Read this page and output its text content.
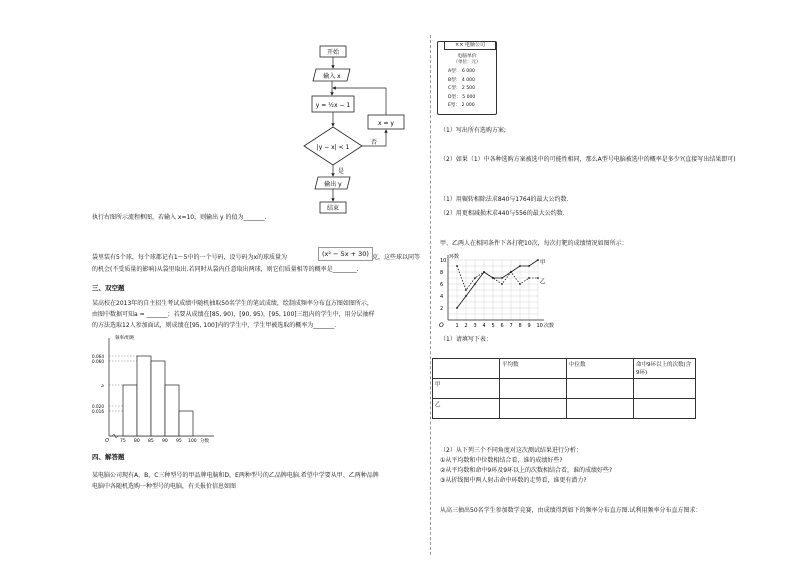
开始
输入 x
y = ½x − 1
|y − x| < 1
否
x = y
是
输出 y
结束
执行右图所示流程框图，若输入 x=10，则输出 y 的值为_______.
袋里装有5个球，每个球都记有1～5中的一个号码，设号码为x的球质量为	(x² − 5x + 30) 克，这些球以同等
的机会(不受质量的影响)从袋里取出.若同时从袋内任意取出两球，则它们质量相等的概率是________.
三、双空题
某高校在2013年的自主招生考试成绩中随机抽取50名学生的笔试成绩，绘制成频率分布直方图如图所示，
由图中数据可知a = _______；若要从成绩在[85, 90)，[90, 95)，[95, 100]三组内的学生中，用分层抽样
的方法选取12人参加面试，则成绩在[95, 100]内的学生中，学生甲被选取的概率为_______.
频率/组距
0.064
0.060
a
0.020
0.016
O 75 80 85 90 95 100 分数
四、解答题
某电脑公司现有A，B，C三种型号的甲品牌电脑和D，E两种型号的乙品牌电脑.希望中学要从甲、乙两种品牌
电脑中各随机选购一种型号的电脑，有关报价信息如图
×× 电脑公司
电脑单价
（单位：元）
A型： 6 000
B型： 4 000
C型： 2 500
D型： 5 000
E型： 2 000
（1）写出所有选购方案;
（2）如果（1）中各种选购方案被选中的可能性相同，那么A型号电脑被选中的概率是多少?(直接写出结果即可)
（1）用辗转相除法求840与1764的最大公约数.
（2）用更相减损术求440与556的最大公约数.
甲、乙两人在相同条件下各打靶10次，每次打靶的成绩情况如图所示：
环数
次数
O 1 2 3 4 5 6 7 8 9 10
2
4
6
8
10	甲
乙
（1）请填写下表：
	平均数	中位数	命中9环以上的次数(含9环)
甲			
乙			
（2）从下列三个不同角度对这次测试结果进行分析：
①从平均数和中位数相结合看，谁的成绩好些?
②从平均数和命中9环及9环以上的次数相结合看，谁的成绩好些?
③从折线图中两人射击命中环数的走势看，谁更有潜力?
从高三抽出50名学生参加数学竞赛，由成绩得到如下的频率分布直方图.试利用频率分布直方图求：
